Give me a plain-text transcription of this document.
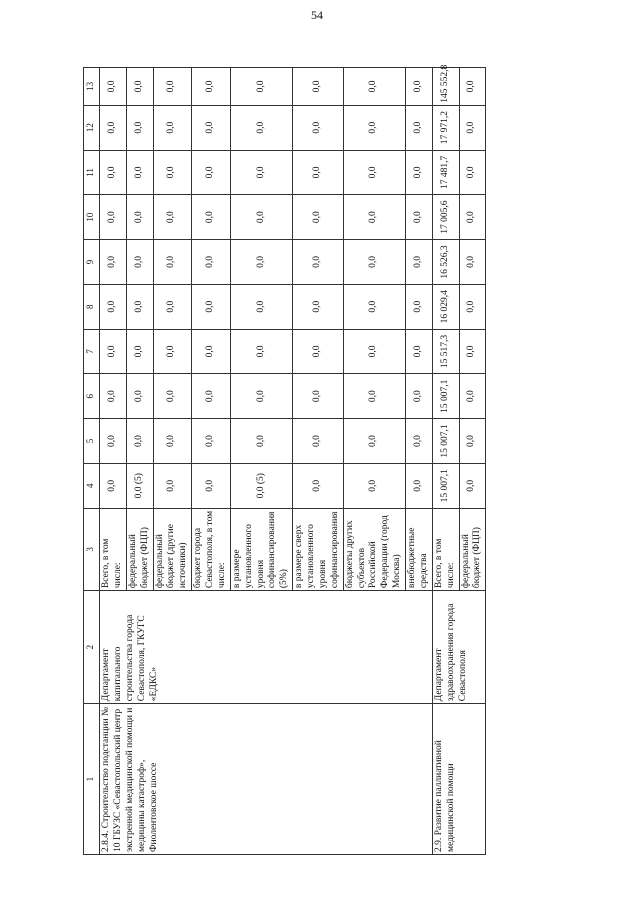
54
1	2	3	4	5	6	7	8	9	10	11	12	13
2.8.4. Строительство подстанции № 10 ГБУЗС «Севастопольский центр экстренной медицинской помощи и медицины катастроф», Фиолентовское шоссе	Департамент капитального строительства города Севастополя, ГКУГС «ЕДКС»	Всего, в том числе:	0,0	0,0	0,0	0,0	0,0	0,0	0,0	0,0	0,0	0,0
		федеральный бюджет (ФЦП)	0,0 (5)	0,0	0,0	0,0	0,0	0,0	0,0	0,0	0,0	0,0
		федеральный бюджет (другие источники)	0,0	0,0	0,0	0,0	0,0	0,0	0,0	0,0	0,0	0,0
		бюджет города Севастополя, в том числе:	0,0	0,0	0,0	0,0	0,0	0,0	0,0	0,0	0,0	0,0
		в размере установленного уровня софинансирования (5%)	0,0 (5)	0,0	0,0	0,0	0,0	0,0	0,0	0,0	0,0	0,0
		в размере сверх установленного уровня софинансирования	0,0	0,0	0,0	0,0	0,0	0,0	0,0	0,0	0,0	0,0
		бюджеты других субъектов Российской Федерации (город Москва)	0,0	0,0	0,0	0,0	0,0	0,0	0,0	0,0	0,0	0,0
		внебюджетные средства	0,0	0,0	0,0	0,0	0,0	0,0	0,0	0,0	0,0	0,0
2.9. Развитие паллиативной медицинской помощи	Департамент здравоохранения города Севастополя	Всего, в том числе:	15 007,1	15 007,1	15 007,1	15 517,3	16 029,4	16 526,3	17 005,6	17 481,7	17 971,2	145 552,8
		федеральный бюджет (ФЦП)	0,0	0,0	0,0	0,0	0,0	0,0	0,0	0,0	0,0	0,0
